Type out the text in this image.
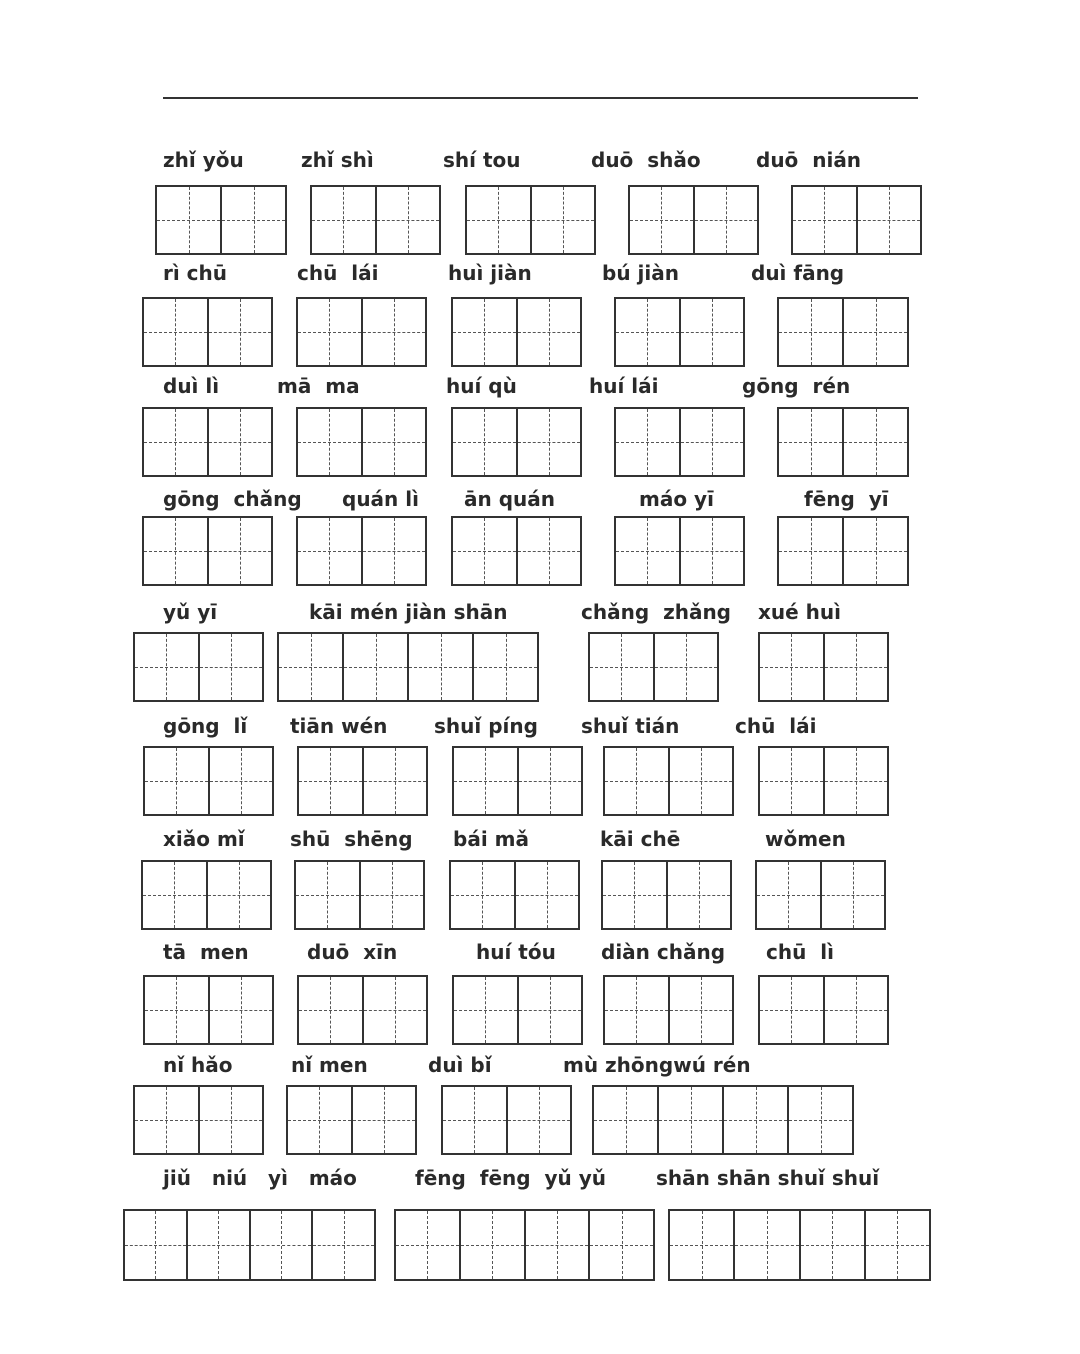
zhǐ yǒu	zhǐ shì	shí tou	duō  shǎo	duō  nián
rì chū	chū  lái	huì jiàn	bú jiàn	duì fāng
duì lì	mā  ma	huí qù	huí lái	gōng  rén
gōng  chǎng quán lì ān quán	máo yī	fēng  yī
yǔ yī	kāi mén jiàn shān	chǎng  zhǎng xué huì
gōng  lǐ tiān wén shuǐ píng shuǐ tián	chū  lái
xiǎo mǐ shū  shēng bái mǎ	kāi chē	wǒmen
tā  men	duō  xīn	huí tóu diàn chǎng chū  lì
nǐ hǎo	nǐ men	duì bǐ	mù zhōngwú rén
jiǔ   niú   yì   máo	fēng  fēng  yǔ yǔ shān shān shuǐ shuǐ
